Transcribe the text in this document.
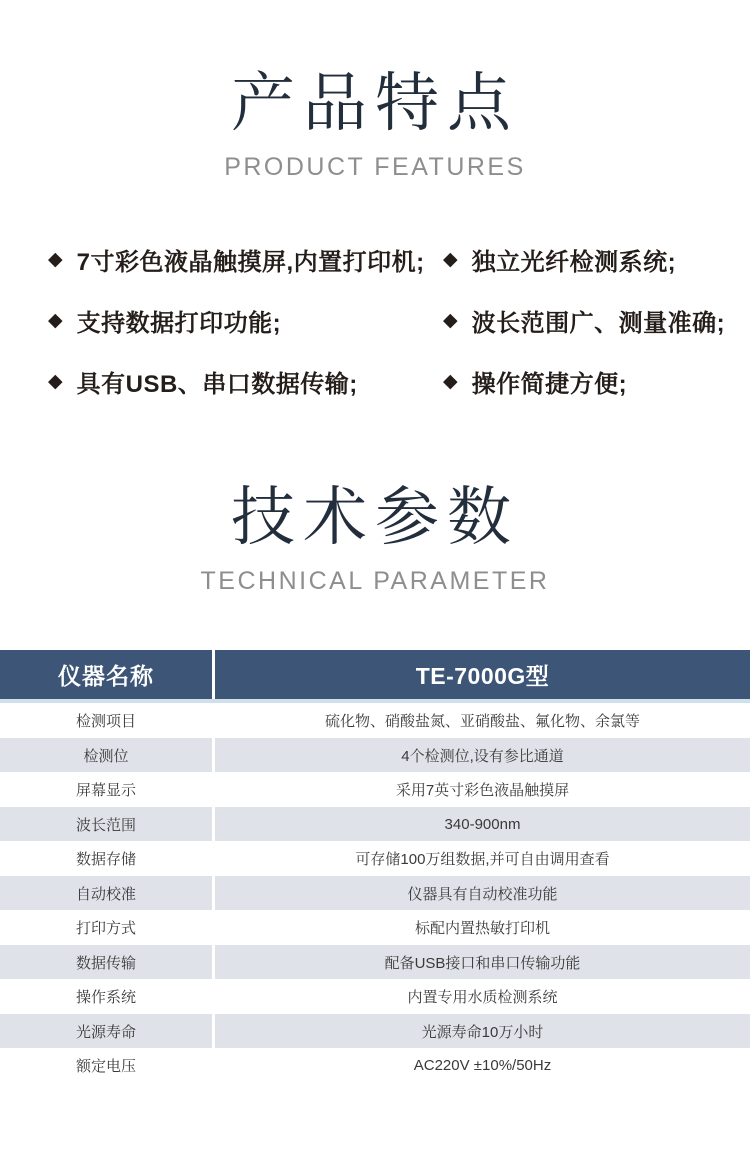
产品特点
PRODUCT FEATURES
◆ 7寸彩色液晶触摸屏,内置打印机; ◆ 独立光纤检测系统;
◆ 支持数据打印功能;	◆ 波长范围广、测量准确;
◆ 具有USB、串口数据传输;	◆ 操作简捷方便;
技术参数
TECHNICAL PARAMETER
仪器名称	TE-7000G型
检测项目	硫化物、硝酸盐氮、亚硝酸盐、氟化物、余氯等
检测位	4个检测位,设有参比通道
屏幕显示	采用7英寸彩色液晶触摸屏
波长范围	340-900nm
数据存储	可存储100万组数据,并可自由调用查看
自动校准	仪器具有自动校准功能
打印方式	标配内置热敏打印机
数据传输	配备USB接口和串口传输功能
操作系统	内置专用水质检测系统
光源寿命	光源寿命10万小时
额定电压	AC220V ±10%/50Hz
